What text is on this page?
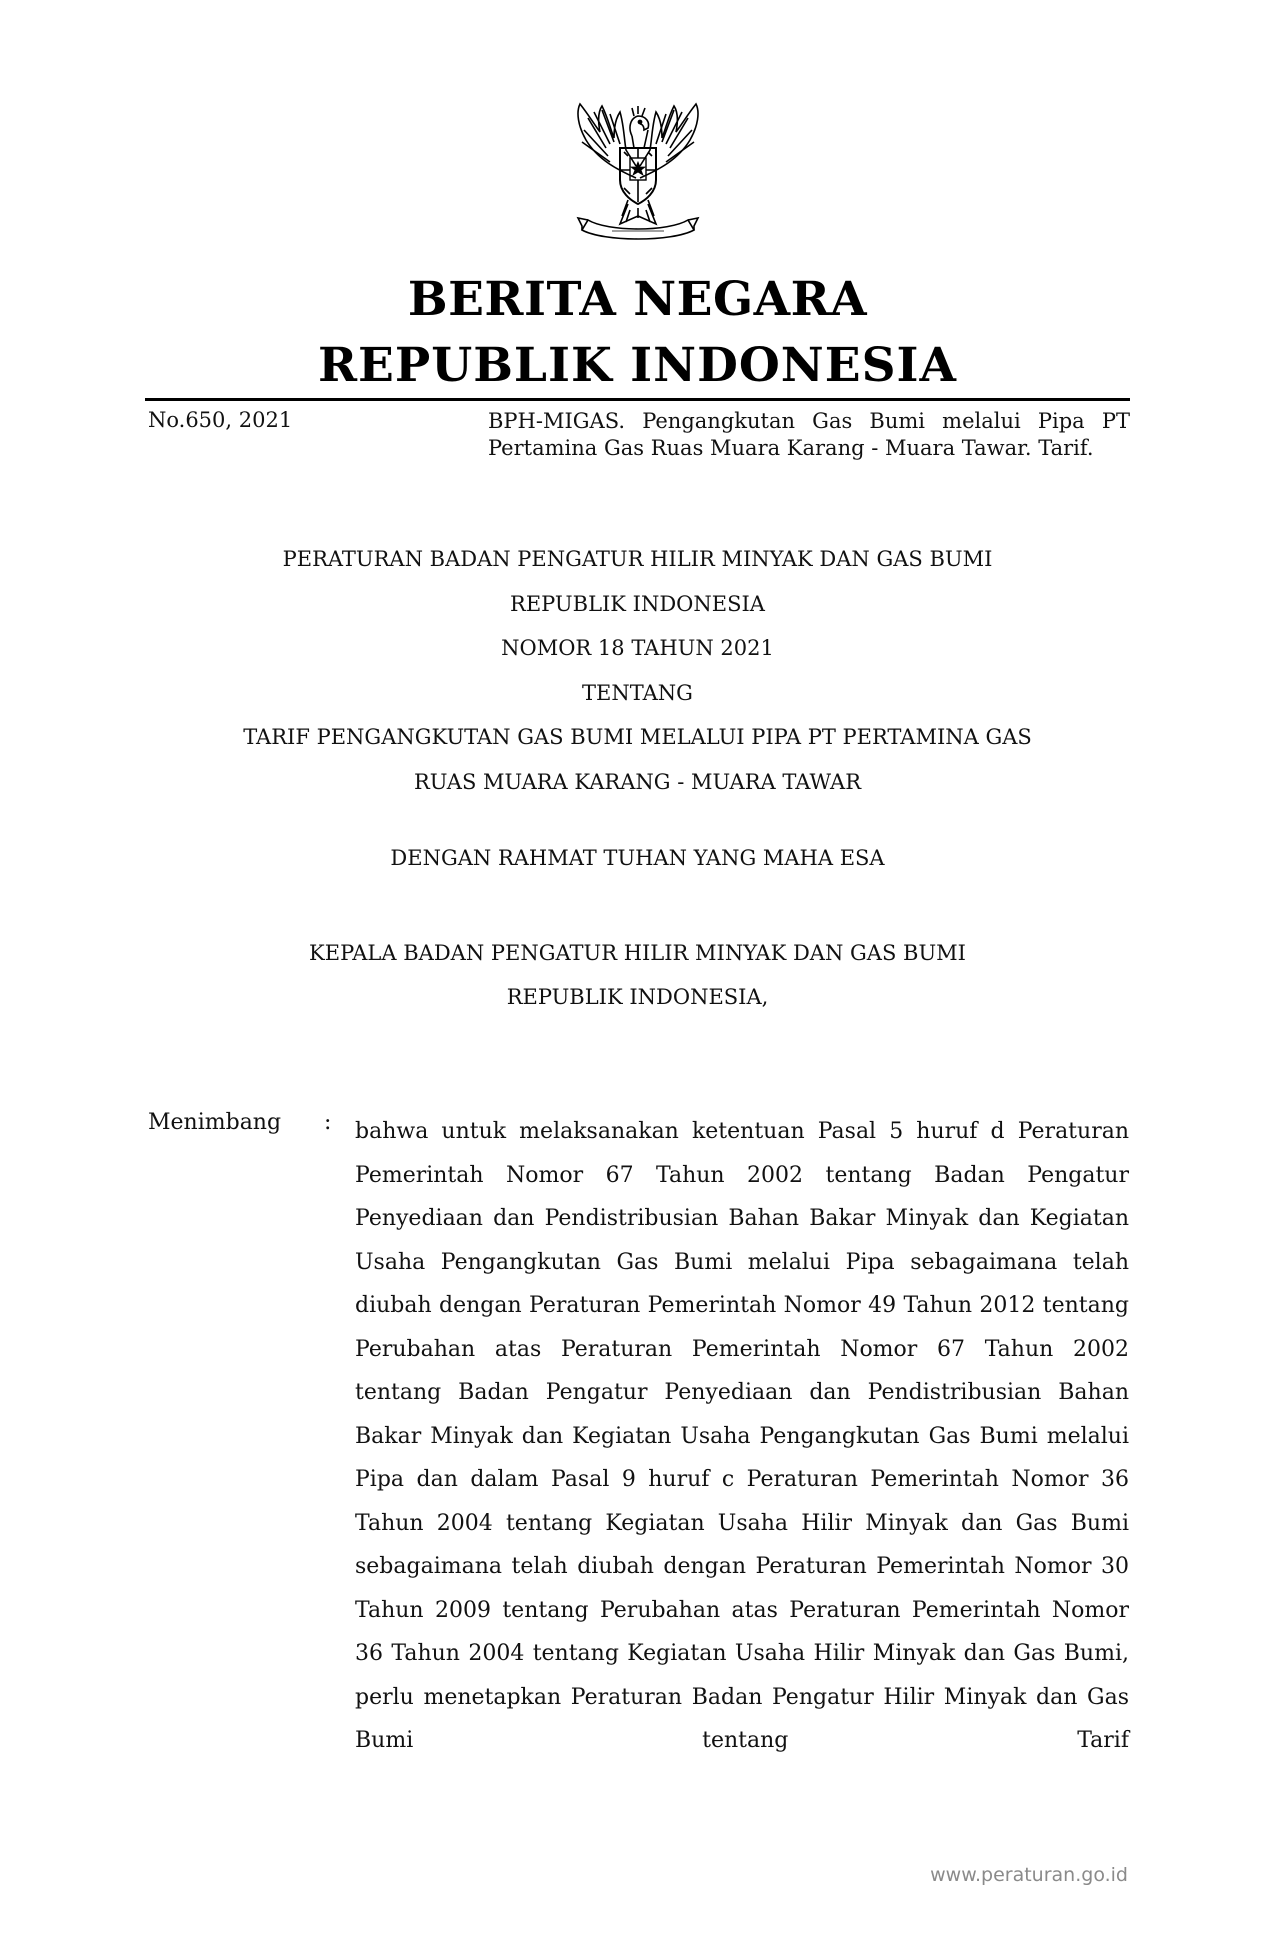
BERITA NEGARA
REPUBLIK INDONESIA
No.650, 2021	BPH-MIGAS. Pengangkutan Gas Bumi melalui Pipa PT Pertamina Gas Ruas Muara Karang - Muara Tawar. Tarif.
PERATURAN BADAN PENGATUR HILIR MINYAK DAN GAS BUMI
REPUBLIK INDONESIA
NOMOR 18 TAHUN 2021
TENTANG
TARIF PENGANGKUTAN GAS BUMI MELALUI PIPA PT PERTAMINA GAS
RUAS MUARA KARANG - MUARA TAWAR
DENGAN RAHMAT TUHAN YANG MAHA ESA
KEPALA BADAN PENGATUR HILIR MINYAK DAN GAS BUMI
REPUBLIK INDONESIA,
Menimbang : bahwa untuk melaksanakan ketentuan Pasal 5 huruf d Peraturan Pemerintah Nomor 67 Tahun 2002 tentang Badan Pengatur Penyediaan dan Pendistribusian Bahan Bakar Minyak dan Kegiatan Usaha Pengangkutan Gas Bumi melalui Pipa sebagaimana telah diubah dengan Peraturan Pemerintah Nomor 49 Tahun 2012 tentang Perubahan atas Peraturan Pemerintah Nomor 67 Tahun 2002 tentang Badan Pengatur Penyediaan dan Pendistribusian Bahan Bakar Minyak dan Kegiatan Usaha Pengangkutan Gas Bumi melalui Pipa dan dalam Pasal 9 huruf c Peraturan Pemerintah Nomor 36 Tahun 2004 tentang Kegiatan Usaha Hilir Minyak dan Gas Bumi sebagaimana telah diubah dengan Peraturan Pemerintah Nomor 30 Tahun 2009 tentang Perubahan atas Peraturan Pemerintah Nomor 36 Tahun 2004 tentang Kegiatan Usaha Hilir Minyak dan Gas Bumi, perlu menetapkan Peraturan Badan Pengatur Hilir Minyak dan Gas Bumi tentang Tarif
www.peraturan.go.id
